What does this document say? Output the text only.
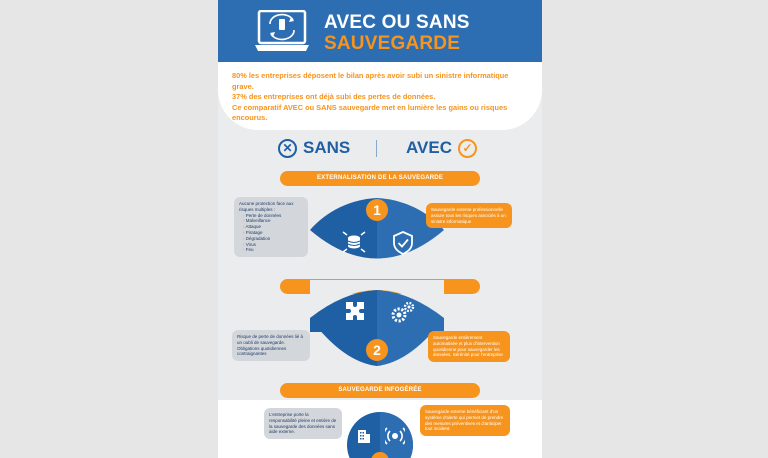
AVEC OU SANS
SAUVEGARDE

80% les entreprises déposent le bilan après avoir subi un sinistre informatique grave.

37% des entreprises ont déjà subi des pertes de données.

Ce comparatif AVEC ou SANS sauvegarde met en lumière les gains ou risques encourus.

✕ SANS	AVEC ✓
EXTERNALISATION DE LA SAUVEGARDE
1
Aucune protection face aux risques multiples :
› Perte de données
› Malveillance
› Attaque
› Piratage
› Dégradation
› Virus
› Feu
Sauvegarde externe professionnelle assure tous les risques associés à un sinistre informatique
2
Risque de perte de données lié à un oubli de sauvegarde. Obligations quotidiennes contraignantes
Sauvegarde entièrement automatisée et plus d'intervention quotidienne pour sauvegarder les données. Sérénité pour l'entreprise
SAUVEGARDE INFOGÉRÉE
L'entreprise porte la responsabilité pleine et entière de la sauvegarde des données sans aide externe.
Sauvegarde externe bénéficiant d'un système d'alerte qui permet de prendre des mesures préventives et d'anticiper tout incident.
